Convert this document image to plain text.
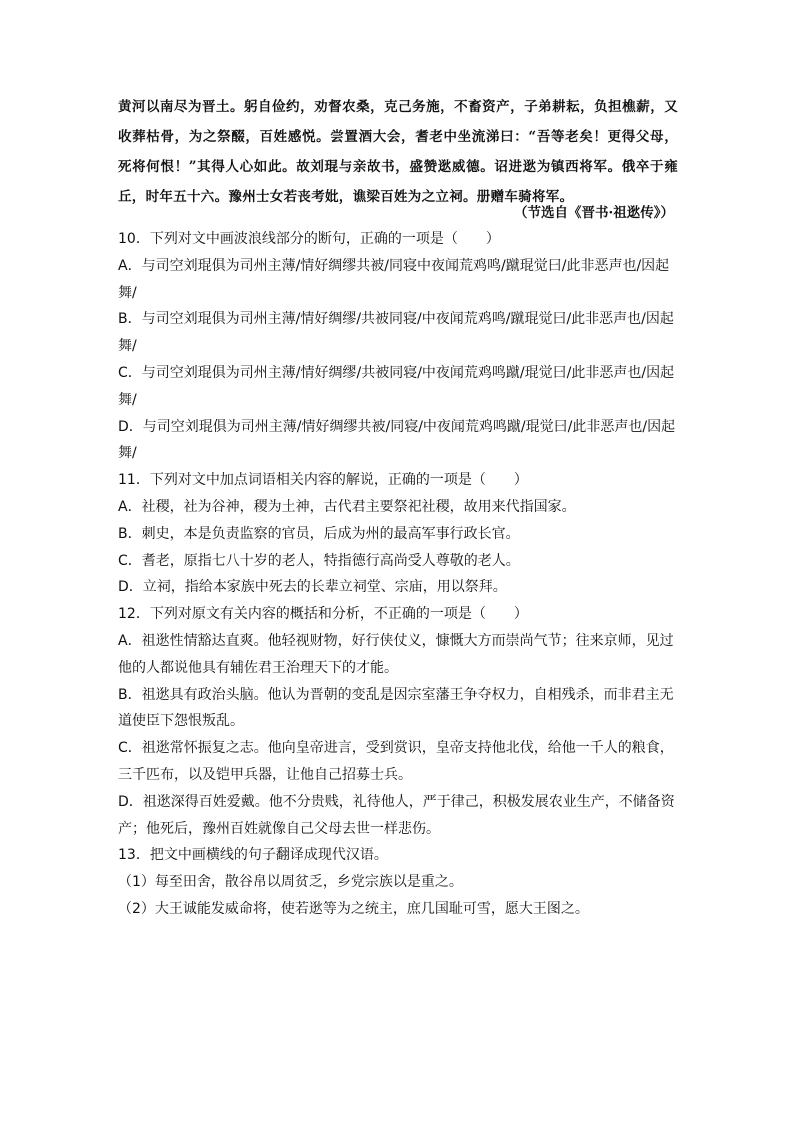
黄河以南尽为晋土。躬自俭约，劝督农桑，克己务施，不畜资产，子弟耕耘，负担樵薪，又收葬枯骨，为之祭醊，百姓感悦。尝置酒大会，耆老中坐流涕曰：“吾等老矣！更得父母，死将何恨！”其得人心如此。故刘琨与亲故书，盛赞逖威德。诏进逖为镇西将军。俄卒于雍丘，时年五十六。豫州士女若丧考妣，谯梁百姓为之立祠。册赠车骑将军。

（节选自《晋书·祖逖传》）

10．下列对文中画波浪线部分的断句，正确的一项是（　　）

A．与司空刘琨俱为司州主薄/情好绸缪共被/同寝中夜闻荒鸡鸣/蹴琨觉曰/此非恶声也/因起舞/

B．与司空刘琨俱为司州主薄/情好绸缪/共被同寝/中夜闻荒鸡鸣/蹴琨觉曰/此非恶声也/因起舞/

C．与司空刘琨俱为司州主薄/情好绸缪/共被同寝/中夜闻荒鸡鸣蹴/琨觉曰/此非恶声也/因起舞/

D．与司空刘琨俱为司州主薄/情好绸缪共被/同寝/中夜闻荒鸡鸣蹴/琨觉曰/此非恶声也/因起舞/

11．下列对文中加点词语相关内容的解说，正确的一项是（　　）

A．社稷，社为谷神，稷为土神，古代君主要祭祀社稷，故用来代指国家。

B．刺史，本是负责监察的官员，后成为州的最高军事行政长官。

C．耆老，原指七八十岁的老人，特指德行高尚受人尊敬的老人。

D．立祠，指给本家族中死去的长辈立祠堂、宗庙，用以祭拜。

12．下列对原文有关内容的概括和分析，不正确的一项是（　　）

A．祖逖性情豁达直爽。他轻视财物，好行侠仗义，慷慨大方而崇尚气节；往来京师，见过他的人都说他具有辅佐君王治理天下的才能。

B．祖逖具有政治头脑。他认为晋朝的变乱是因宗室藩王争夺权力，自相残杀，而非君主无道使臣下怨恨叛乱。

C．祖逖常怀振复之志。他向皇帝进言，受到赏识，皇帝支持他北伐，给他一千人的粮食，三千匹布，以及铠甲兵器，让他自己招募士兵。

D．祖逖深得百姓爱戴。他不分贵贱，礼待他人，严于律己，积极发展农业生产，不储备资产；他死后，豫州百姓就像自己父母去世一样悲伤。

13．把文中画横线的句子翻译成现代汉语。

（1）每至田舍，散谷帛以周贫乏，乡党宗族以是重之。

（2）大王诚能发威命将，使若逖等为之统主，庶几国耻可雪，愿大王图之。
